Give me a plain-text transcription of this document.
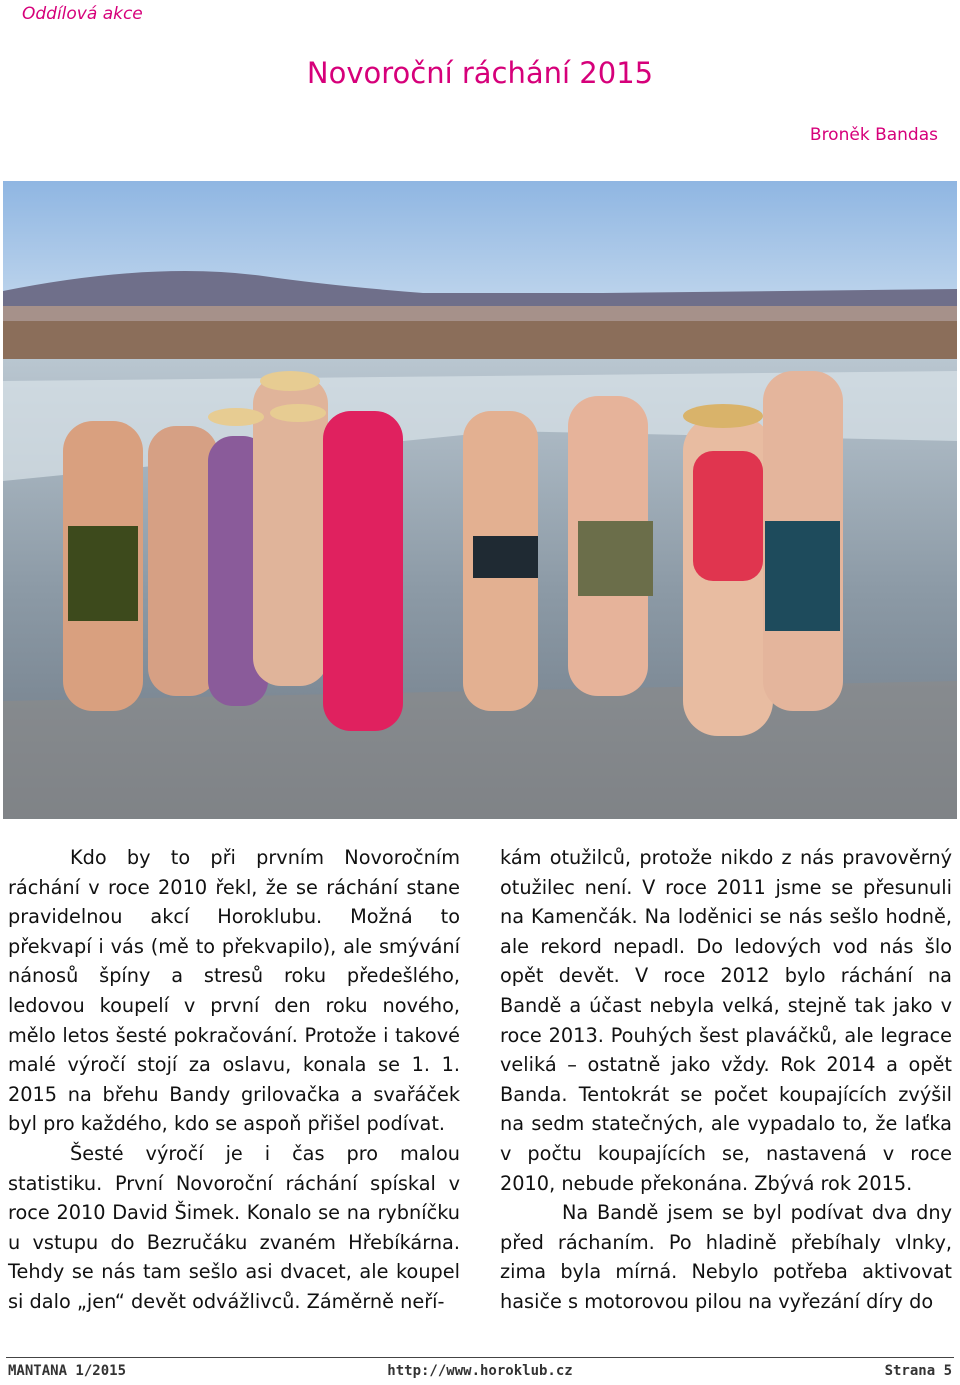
Oddílová akce
Novoroční ráchání 2015
Broněk Bandas

Kdo by to při prvním Novoročním ráchání v roce 2010 řekl, že se ráchání stane pravidelnou akcí Horoklubu. Možná to překvapí i vás (mě to překvapilo), ale smývání nánosů špíny a stresů roku předešlého, ledovou koupelí v první den roku nového, mělo letos šesté pokračování. Protože i takové malé výročí stojí za oslavu, konala se 1. 1. 2015 na břehu Bandy grilovačka a svařáček byl pro každého, kdo se aspoň přišel podívat.

Šesté výročí je i čas pro malou statistiku. První Novoroční ráchání spískal v roce 2010 David Šimek. Konalo se na rybníčku u vstupu do Bezručáku zvaném Hřebíkárna. Tehdy se nás tam sešlo asi dvacet, ale koupel si dalo „jen“ devět odvážlivců. Záměrně neří-

kám otužilců, protože nikdo z nás pravověrný otužilec není. V roce 2011 jsme se přesunuli na Kamenčák. Na loděnici se nás sešlo hodně, ale rekord nepadl. Do ledových vod nás šlo opět devět. V roce 2012 bylo ráchání na Bandě a účast nebyla velká, stejně tak jako v roce 2013. Pouhých šest plaváčků, ale legrace veliká – ostatně jako vždy. Rok 2014 a opět Banda. Tentokrát se počet koupajících zvýšil na sedm statečných, ale vypadalo to, že laťka v počtu koupajících se, nastavená v roce 2010, nebude překonána. Zbývá rok 2015.

Na Bandě jsem se byl podívat dva dny před ráchaním. Po hladině přebíhaly vlnky, zima byla mírná. Nebylo potřeba aktivovat hasiče s motorovou pilou na vyřezání díry do

MANTANA 1/2015	http://www.horoklub.cz	Strana 5
